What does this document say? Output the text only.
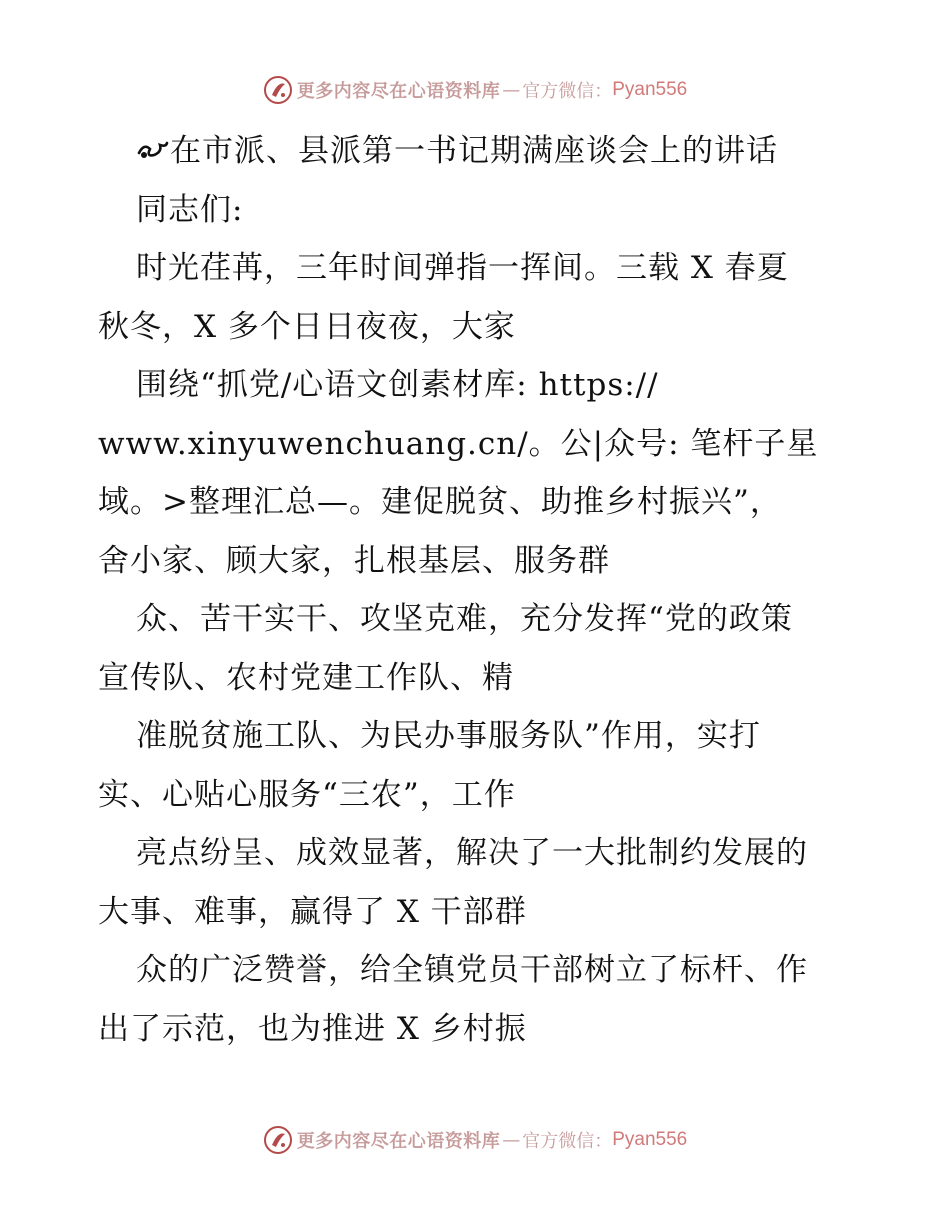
更多内容尽在心语资料库 — 官方微信： Pyan556
在市派、县派第一书记期满座谈会上的讲话
同志们:
时光荏苒，三年时间弹指一挥间。三载 X 春夏
秋冬，X 多个日日夜夜，大家
围绕“抓党/心语文创素材库: https://
www.xinyuwenchuang.cn/。公|众号: 笔杆子星
域。>整理汇总—。建促脱贫、助推乡村振兴”，
舍小家、顾大家，扎根基层、服务群
众、苦干实干、攻坚克难，充分发挥“党的政策
宣传队、农村党建工作队、精
准脱贫施工队、为民办事服务队”作用，实打
实、心贴心服务“三农”，工作
亮点纷呈、成效显著，解决了一大批制约发展的
大事、难事，赢得了 X 干部群
众的广泛赞誉，给全镇党员干部树立了标杆、作
出了示范，也为推进 X 乡村振
更多内容尽在心语资料库 — 官方微信： Pyan556
